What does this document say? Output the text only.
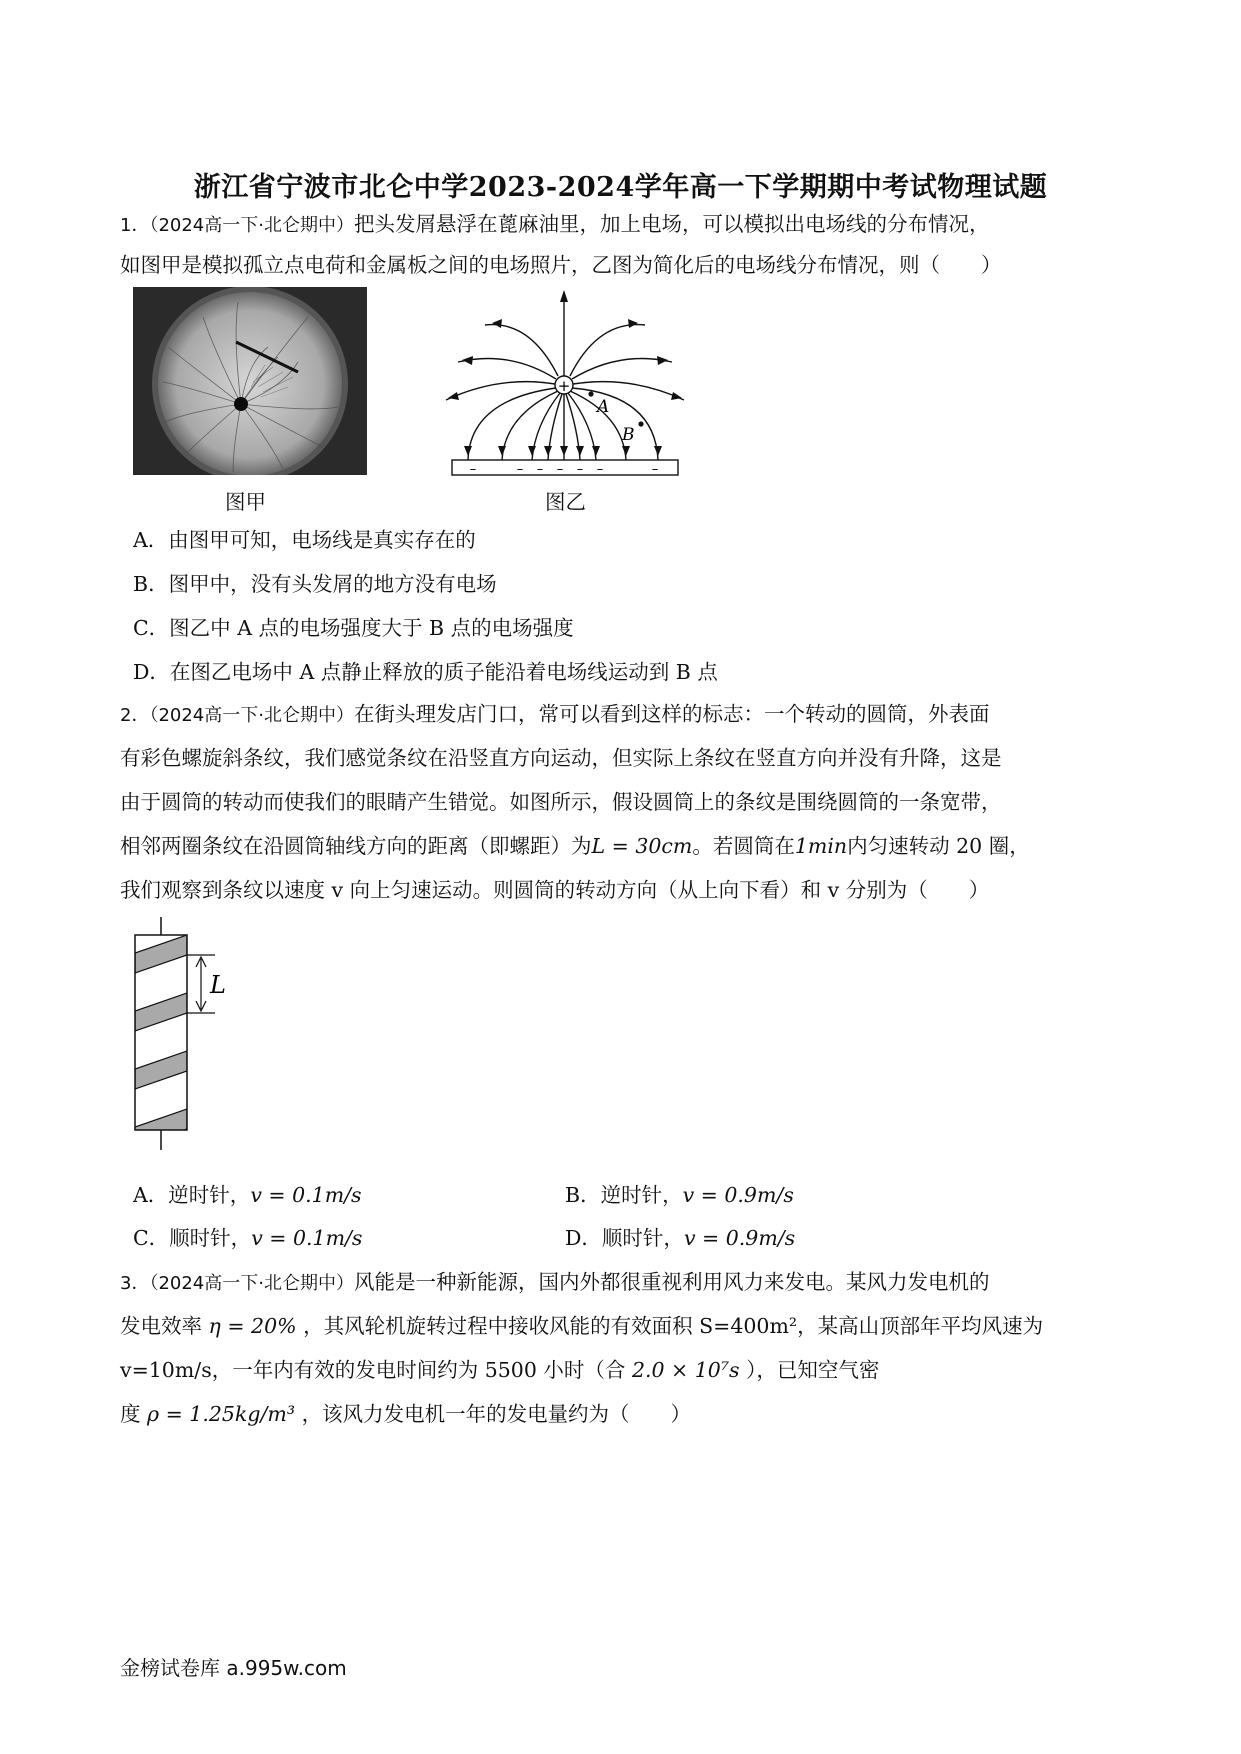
浙江省宁波市北仑中学2023-2024学年高一下学期期中考试物理试题
1．（2024高一下·北仑期中）把头发屑悬浮在蓖麻油里，加上电场，可以模拟出电场线的分布情况，
如图甲是模拟孤立点电荷和金属板之间的电场照片，乙图为简化后的电场线分布情况，则（　　）
图甲
+
A
B
–	– – – – –	–
图乙
A．由图甲可知，电场线是真实存在的
B．图甲中，没有头发屑的地方没有电场
C．图乙中 A 点的电场强度大于 B 点的电场强度
D．在图乙电场中 A 点静止释放的质子能沿着电场线运动到 B 点
2．（2024高一下·北仑期中）在街头理发店门口，常可以看到这样的标志：一个转动的圆筒，外表面
有彩色螺旋斜条纹，我们感觉条纹在沿竖直方向运动，但实际上条纹在竖直方向并没有升降，这是
由于圆筒的转动而使我们的眼睛产生错觉。如图所示，假设圆筒上的条纹是围绕圆筒的一条宽带，
相邻两圈条纹在沿圆筒轴线方向的距离（即螺距）为L = 30cm。若圆筒在1min内匀速转动 20 圈，
我们观察到条纹以速度 v 向上匀速运动。则圆筒的转动方向（从上向下看）和 v 分别为（　　）
L
A．逆时针，v = 0.1m/s	B．逆时针，v = 0.9m/s
C．顺时针，v = 0.1m/s	D．顺时针，v = 0.9m/s
3．（2024高一下·北仑期中）风能是一种新能源，国内外都很重视利用风力来发电。某风力发电机的
发电效率 η = 20% ，其风轮机旋转过程中接收风能的有效面积 S=400m²，某高山顶部年平均风速为
v=10m/s，一年内有效的发电时间约为 5500 小时（合 2.0 × 10⁷s ），已知空气密
度 ρ = 1.25kg/m³ ，该风力发电机一年的发电量约为（　　）
金榜试卷库 a.995w.com
